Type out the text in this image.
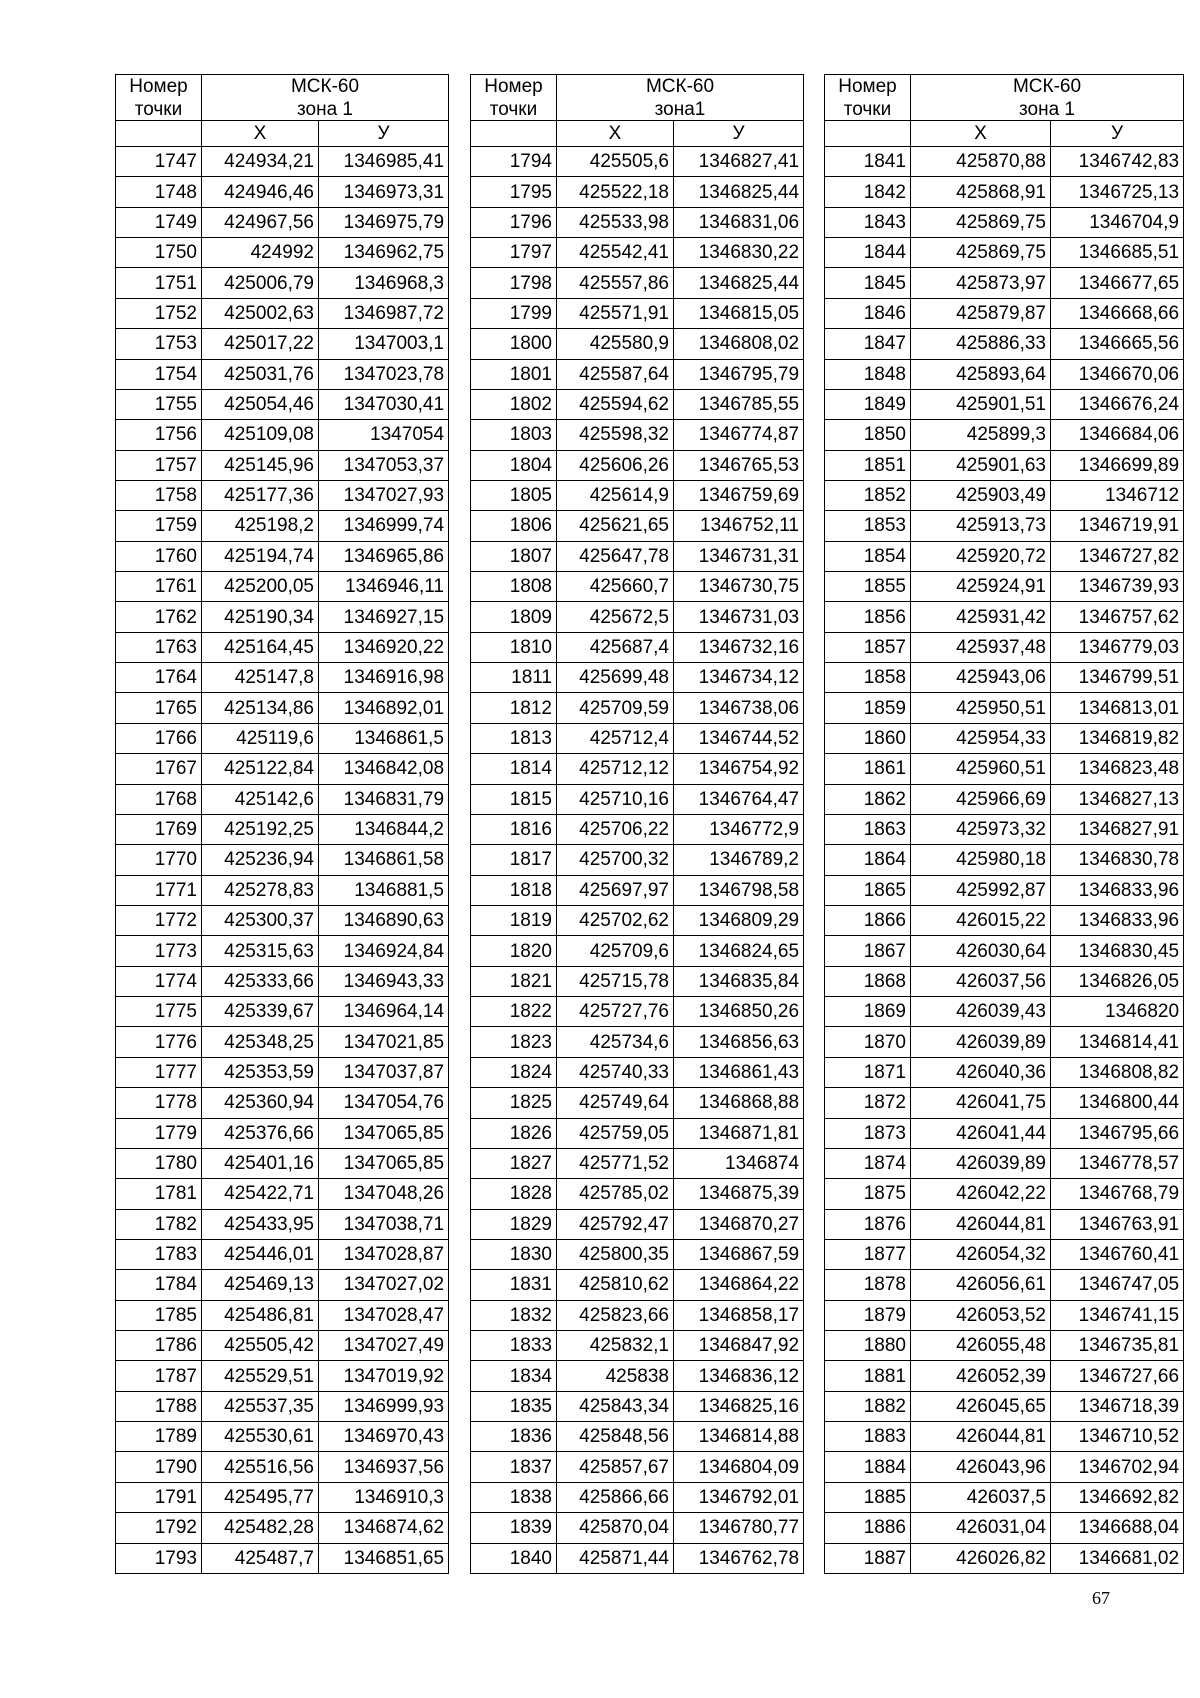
Номер	МСК-60	
точки	зона 1	
	Х	У
1747	424934,21	1346985,41
1748	424946,46	1346973,31
1749	424967,56	1346975,79
1750	424992	1346962,75
1751	425006,79	1346968,3
1752	425002,63	1346987,72
1753	425017,22	1347003,1
1754	425031,76	1347023,78
1755	425054,46	1347030,41
1756	425109,08	1347054
1757	425145,96	1347053,37
1758	425177,36	1347027,93
1759	425198,2	1346999,74
1760	425194,74	1346965,86
1761	425200,05	1346946,11
1762	425190,34	1346927,15
1763	425164,45	1346920,22
1764	425147,8	1346916,98
1765	425134,86	1346892,01
1766	425119,6	1346861,5
1767	425122,84	1346842,08
1768	425142,6	1346831,79
1769	425192,25	1346844,2
1770	425236,94	1346861,58
1771	425278,83	1346881,5
1772	425300,37	1346890,63
1773	425315,63	1346924,84
1774	425333,66	1346943,33
1775	425339,67	1346964,14
1776	425348,25	1347021,85
1777	425353,59	1347037,87
1778	425360,94	1347054,76
1779	425376,66	1347065,85
1780	425401,16	1347065,85
1781	425422,71	1347048,26
1782	425433,95	1347038,71
1783	425446,01	1347028,87
1784	425469,13	1347027,02
1785	425486,81	1347028,47
1786	425505,42	1347027,49
1787	425529,51	1347019,92
1788	425537,35	1346999,93
1789	425530,61	1346970,43
1790	425516,56	1346937,56
1791	425495,77	1346910,3
1792	425482,28	1346874,62
1793	425487,7	1346851,65
Номер	МСК-60	
точки	зона1	
	Х	У
1794	425505,6	1346827,41
1795	425522,18	1346825,44
1796	425533,98	1346831,06
1797	425542,41	1346830,22
1798	425557,86	1346825,44
1799	425571,91	1346815,05
1800	425580,9	1346808,02
1801	425587,64	1346795,79
1802	425594,62	1346785,55
1803	425598,32	1346774,87
1804	425606,26	1346765,53
1805	425614,9	1346759,69
1806	425621,65	1346752,11
1807	425647,78	1346731,31
1808	425660,7	1346730,75
1809	425672,5	1346731,03
1810	425687,4	1346732,16
1811	425699,48	1346734,12
1812	425709,59	1346738,06
1813	425712,4	1346744,52
1814	425712,12	1346754,92
1815	425710,16	1346764,47
1816	425706,22	1346772,9
1817	425700,32	1346789,2
1818	425697,97	1346798,58
1819	425702,62	1346809,29
1820	425709,6	1346824,65
1821	425715,78	1346835,84
1822	425727,76	1346850,26
1823	425734,6	1346856,63
1824	425740,33	1346861,43
1825	425749,64	1346868,88
1826	425759,05	1346871,81
1827	425771,52	1346874
1828	425785,02	1346875,39
1829	425792,47	1346870,27
1830	425800,35	1346867,59
1831	425810,62	1346864,22
1832	425823,66	1346858,17
1833	425832,1	1346847,92
1834	425838	1346836,12
1835	425843,34	1346825,16
1836	425848,56	1346814,88
1837	425857,67	1346804,09
1838	425866,66	1346792,01
1839	425870,04	1346780,77
1840	425871,44	1346762,78
Номер	МСК-60	
точки	зона 1	
	Х	У
1841	425870,88	1346742,83
1842	425868,91	1346725,13
1843	425869,75	1346704,9
1844	425869,75	1346685,51
1845	425873,97	1346677,65
1846	425879,87	1346668,66
1847	425886,33	1346665,56
1848	425893,64	1346670,06
1849	425901,51	1346676,24
1850	425899,3	1346684,06
1851	425901,63	1346699,89
1852	425903,49	1346712
1853	425913,73	1346719,91
1854	425920,72	1346727,82
1855	425924,91	1346739,93
1856	425931,42	1346757,62
1857	425937,48	1346779,03
1858	425943,06	1346799,51
1859	425950,51	1346813,01
1860	425954,33	1346819,82
1861	425960,51	1346823,48
1862	425966,69	1346827,13
1863	425973,32	1346827,91
1864	425980,18	1346830,78
1865	425992,87	1346833,96
1866	426015,22	1346833,96
1867	426030,64	1346830,45
1868	426037,56	1346826,05
1869	426039,43	1346820
1870	426039,89	1346814,41
1871	426040,36	1346808,82
1872	426041,75	1346800,44
1873	426041,44	1346795,66
1874	426039,89	1346778,57
1875	426042,22	1346768,79
1876	426044,81	1346763,91
1877	426054,32	1346760,41
1878	426056,61	1346747,05
1879	426053,52	1346741,15
1880	426055,48	1346735,81
1881	426052,39	1346727,66
1882	426045,65	1346718,39
1883	426044,81	1346710,52
1884	426043,96	1346702,94
1885	426037,5	1346692,82
1886	426031,04	1346688,04
1887	426026,82	1346681,02
67
